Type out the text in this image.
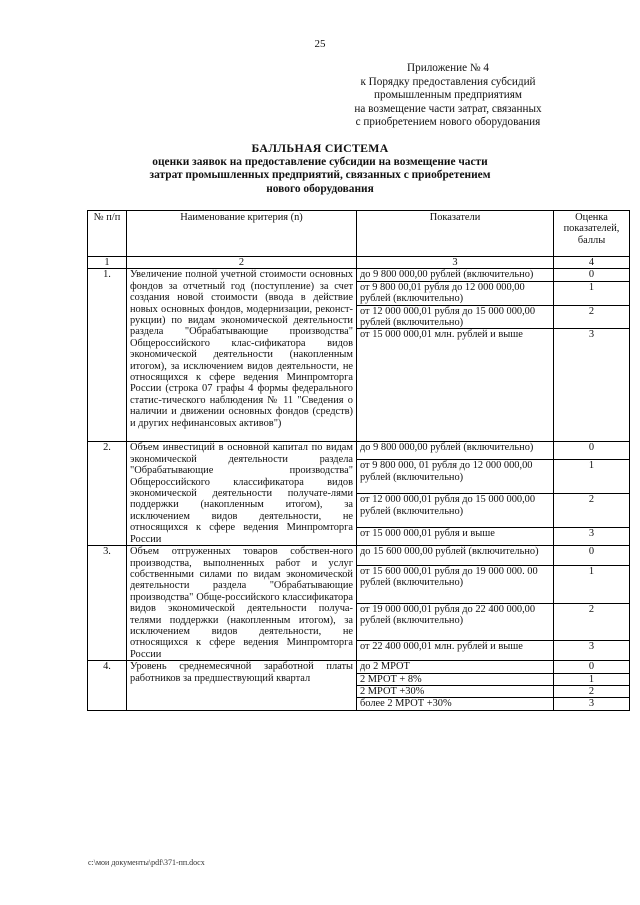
25
Приложение № 4
к Порядку предоставления субсидий
промышленным предприятиям
на возмещение части затрат, связанных
с приобретением нового оборудования
БАЛЛЬНАЯ СИСТЕМА
оценки заявок на предоставление субсидии на возмещение части
затрат промышленных предприятий, связанных с приобретением
нового оборудования
№ п/п	Наименование критерия (n)	Показатели	Оценка показателей, баллы
1	2	3	4
1.	Увеличение полной учетной стоимости основных фондов за отчетный год (поступление) за счет создания новой стоимости (ввода в действие новых основных фондов, модернизации, реконст-рукции) по видам экономической деятельности раздела "Обрабатывающие производства" Общероссийского клас-сификатора видов экономической деятельности (накопленным итогом), за исключением видов деятельности, не относящихся к сфере ведения Минпромторга России (строка 07 графы 4 формы федерального статис-тического наблюдения № 11 "Сведения о наличии и движении основных фондов (средств) и других нефинансовых активов")	до 9 800 000,00 рублей (включительно)	0
		от 9 800 00,01 рубля до 12 000 000,00 рублей (включительно)	1
		от 12 000 000,01 рубля до 15 000 000,00 рублей (включительно)	2
		от 15 000 000,01 млн. рублей и выше	3
2.	Объем инвестиций в основной капитал по видам экономической деятельности раздела "Обрабатывающие производства" Общероссийского классификатора видов экономической деятельности получате-лями поддержки (накопленным итогом), за исключением видов деятельности, не относящихся к сфере ведения Минпромторга России	до 9 800 000,00 рублей (включительно)	0
		от 9 800 000, 01 рубля до 12 000 000,00 рублей (включительно)	1
		от 12 000 000,01 рубля до 15 000 000,00 рублей (включительно)	2
		от 15 000 000,01 рубля и выше	3
3.	Объем отгруженных товаров собствен-ного производства, выполненных работ и услуг собственными силами по видам экономической деятельности раздела "Обрабатывающие производства" Обще-российского классификатора видов экономической деятельности получа-телями поддержки (накопленным итогом), за исключением видов деятельности, не относящихся к сфере ведения Минпромторга России	до 15 600 000,00 рублей (включительно)	0
		от 15 600 000,01 рубля до 19 000 000. 00 рублей (включительно)	1
		от 19 000 000,01 рубля до 22 400 000,00 рублей (включительно)	2
		от 22 400 000,01 млн. рублей и выше	3
4.	Уровень среднемесячной заработной платы работников за предшествующий квартал	до 2 МРОТ	0
		2 МРОТ + 8%	1
		2 МРОТ +30%	2
		более 2 МРОТ +30%	3
c:\мои документы\pdf\371-пп.docx
